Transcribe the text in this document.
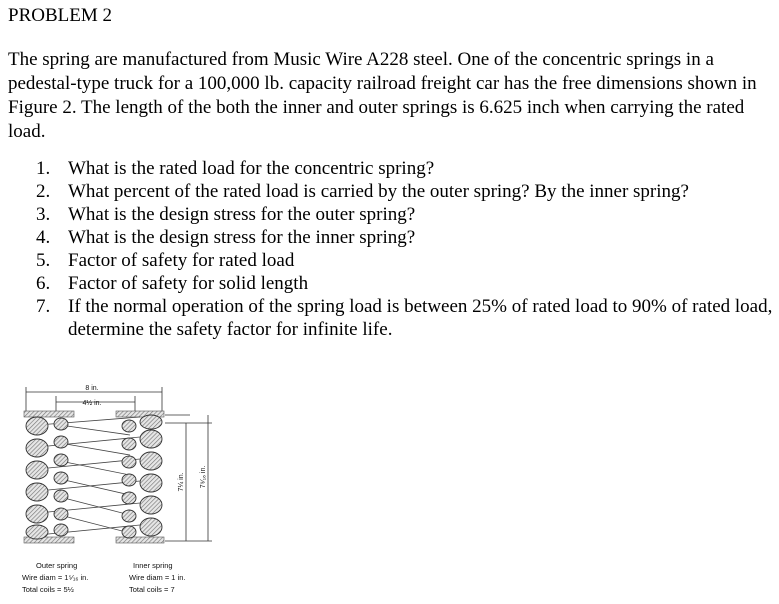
PROBLEM 2

The spring are manufactured from Music Wire A228 steel. One of the concentric springs in a pedestal-type truck for a 100,000 lb. capacity railroad freight car has the free dimensions shown in Figure 2. The length of the both the inner and outer springs is 6.625 inch when carrying the rated load.

1. What is the rated load for the concentric spring?
2. What percent of the rated load is carried by the outer spring? By the inner spring?
3. What is the design stress for the outer spring?
4. What is the design stress for the inner spring?
5. Factor of safety for rated load
6. Factor of safety for solid length
7. If the normal operation of the spring load is between 25% of rated load to 90% of rated load, determine the safety factor for infinite life.
8 in.
4½ in.
7¼ in. 7⁹⁄₁₆ in.
Outer spring
Wire diam = 1⁵⁄₁₆ in.
Total coils = 5½
Inner spring
Wire diam = 1 in.
Total coils = 7
